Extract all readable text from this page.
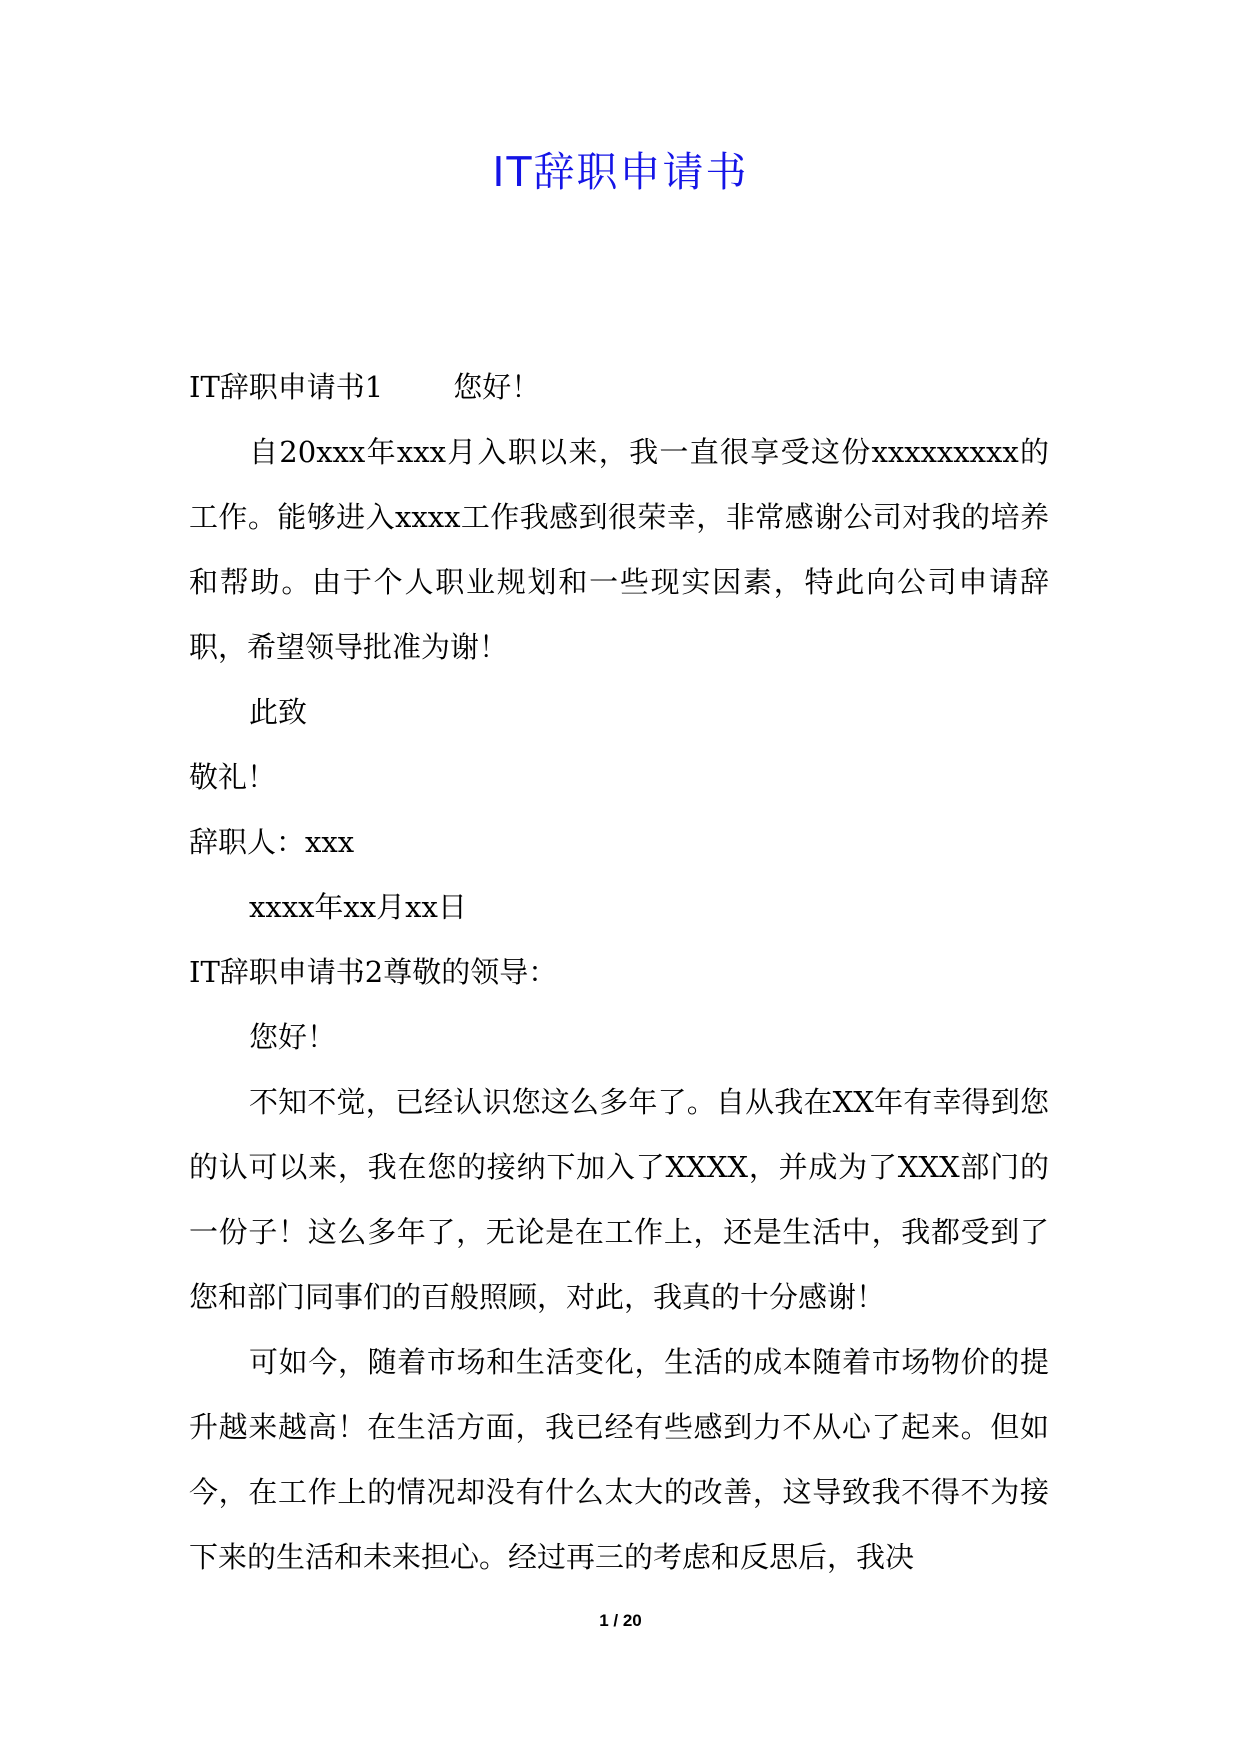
IT辞职申请书

IT辞职申请书1 您好！

自20xxx年xxx月入职以来，我一直很享受这份xxxxxxxxx的工作。能够进入xxxx工作我感到很荣幸，非常感谢公司对我的培养和帮助。由于个人职业规划和一些现实因素，特此向公司申请辞职，希望领导批准为谢！

此致

敬礼！

辞职人：xxx

xxxx年xx月xx日

IT辞职申请书2尊敬的领导：

您好！

不知不觉，已经认识您这么多年了。自从我在XX年有幸得到您的认可以来，我在您的接纳下加入了XXXX，并成为了XXX部门的一份子！这么多年了，无论是在工作上，还是生活中，我都受到了您和部门同事们的百般照顾，对此，我真的十分感谢！

可如今，随着市场和生活变化，生活的成本随着市场物价的提升越来越高！在生活方面，我已经有些感到力不从心了起来。但如今，在工作上的情况却没有什么太大的改善，这导致我不得不为接下来的生活和未来担心。经过再三的考虑和反思后，我决

1 / 20
